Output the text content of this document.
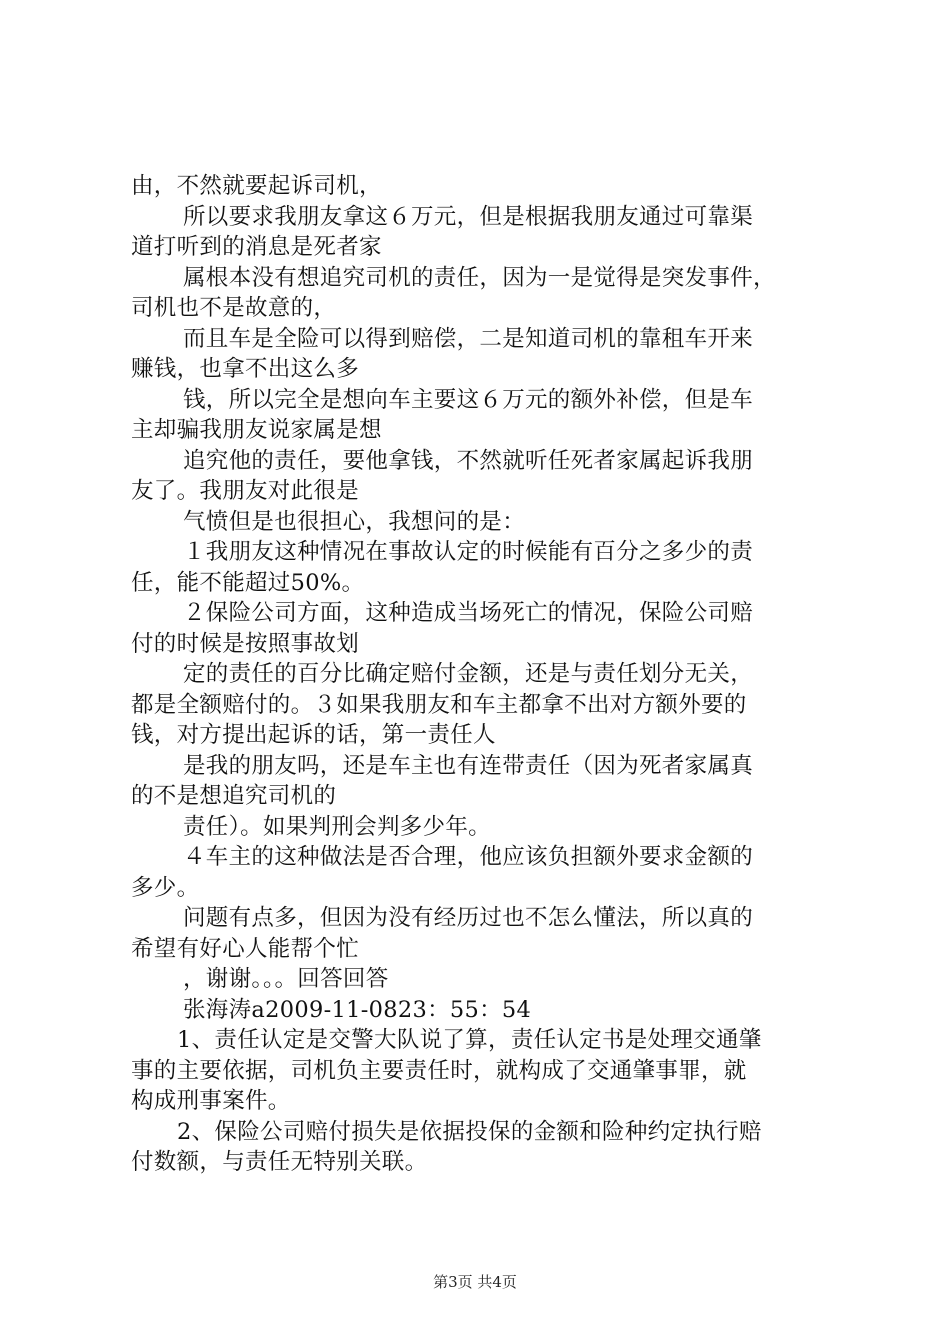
由，不然就要起诉司机，
所以要求我朋友拿这６万元，但是根据我朋友通过可靠渠
道打听到的消息是死者家
属根本没有想追究司机的责任，因为一是觉得是突发事件，
司机也不是故意的，
而且车是全险可以得到赔偿，二是知道司机的靠租车开来
赚钱，也拿不出这么多
钱，所以完全是想向车主要这６万元的额外补偿，但是车
主却骗我朋友说家属是想
追究他的责任，要他拿钱，不然就听任死者家属起诉我朋
友了。我朋友对此很是
气愤但是也很担心，我想问的是：
１我朋友这种情况在事故认定的时候能有百分之多少的责
任，能不能超过50%。
２保险公司方面，这种造成当场死亡的情况，保险公司赔
付的时候是按照事故划
定的责任的百分比确定赔付金额，还是与责任划分无关，
都是全额赔付的。３如果我朋友和车主都拿不出对方额外要的
钱，对方提出起诉的话，第一责任人
是我的朋友吗，还是车主也有连带责任（因为死者家属真
的不是想追究司机的
责任）。如果判刑会判多少年。
４车主的这种做法是否合理，他应该负担额外要求金额的
多少。
问题有点多，但因为没有经历过也不怎么懂法，所以真的
希望有好心人能帮个忙
，谢谢。。。回答回答
张海涛a2009-11-0823：55：54
1、责任认定是交警大队说了算，责任认定书是处理交通肇
事的主要依据，司机负主要责任时，就构成了交通肇事罪，就
构成刑事案件。
2、保险公司赔付损失是依据投保的金额和险种约定执行赔
付数额，与责任无特别关联。
第3页 共4页
